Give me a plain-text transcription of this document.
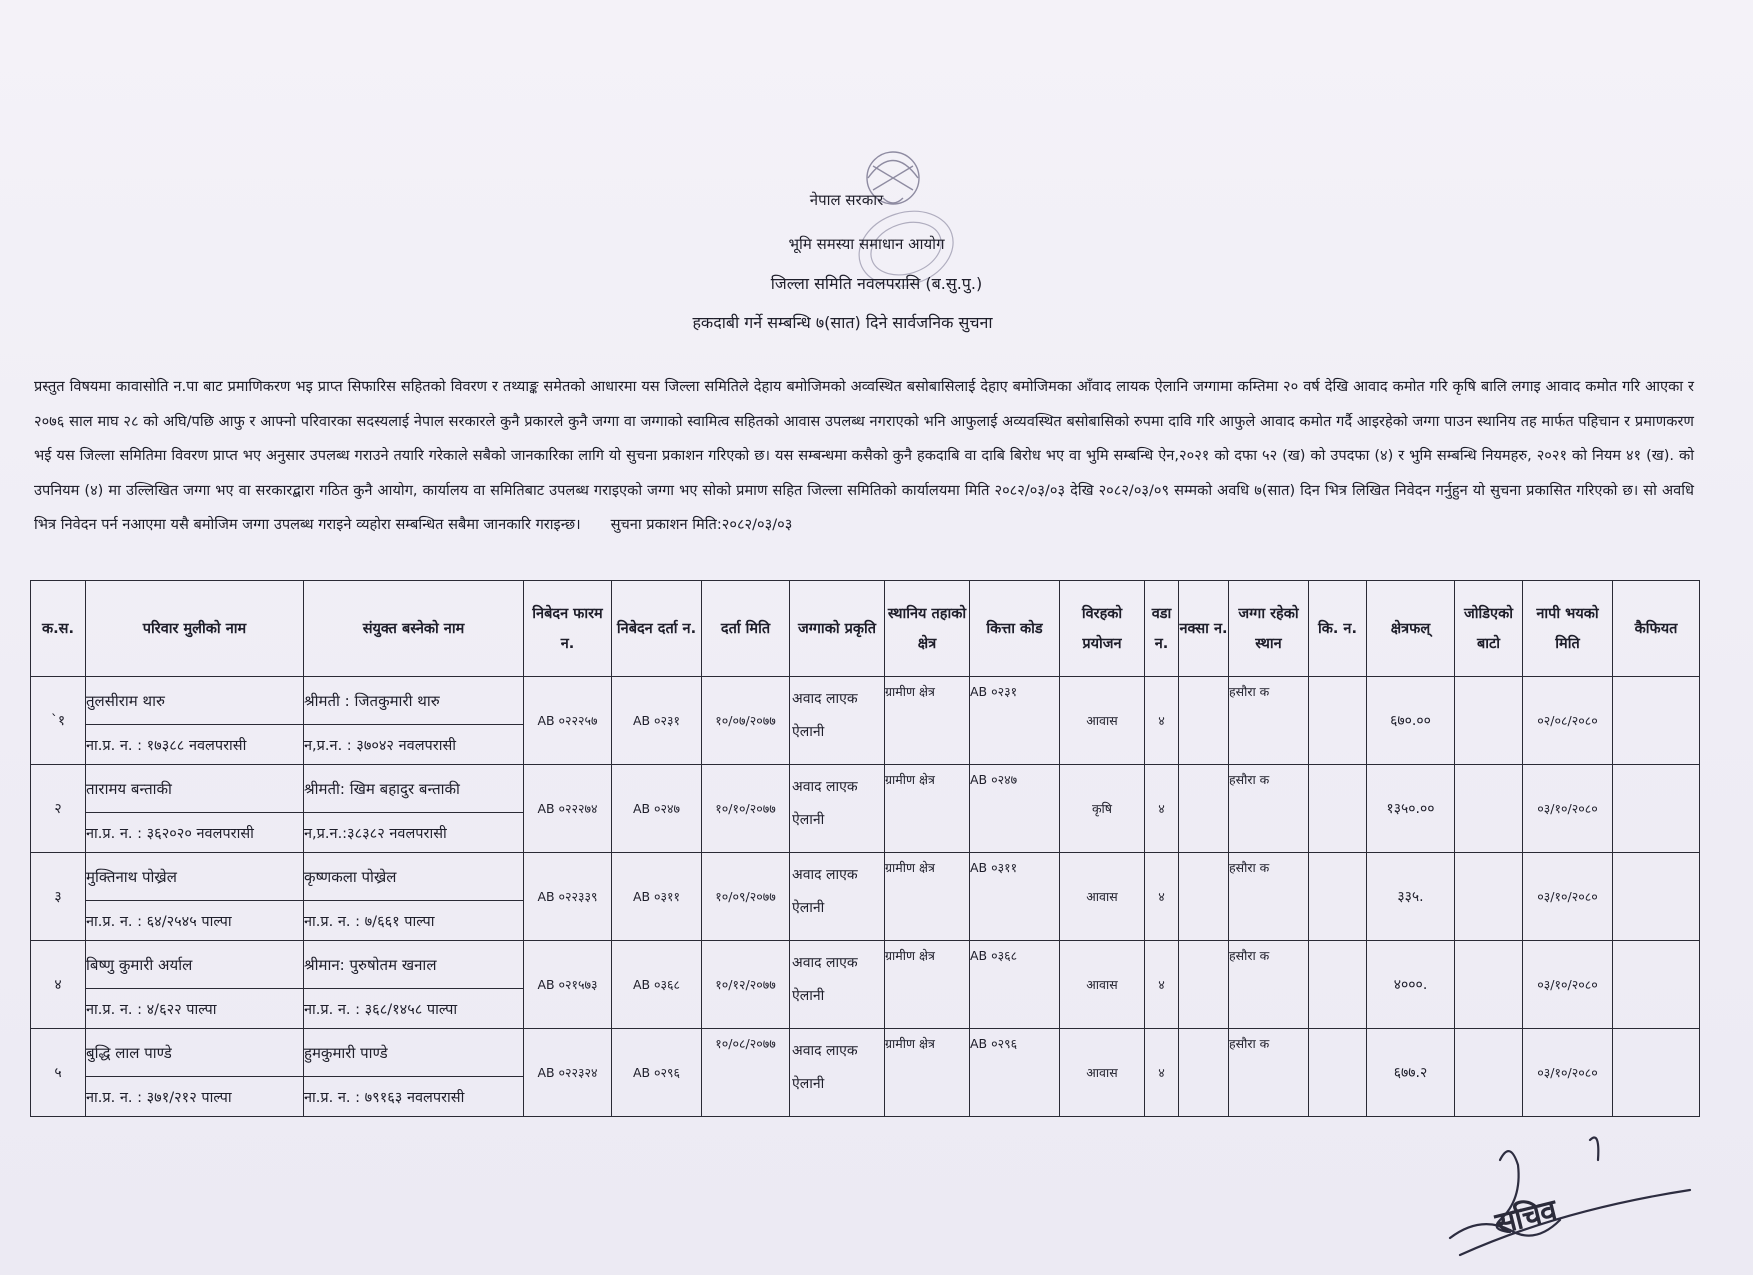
नेपाल सरकार
भूमि समस्या समाधान आयोग
जिल्ला समिति नवलपरासि (ब.सु.पु.)
हकदाबी गर्ने सम्बन्धि ७(सात) दिने सार्वजनिक सुचना
प्रस्तुत विषयमा कावासोति न.पा बाट प्रमाणिकरण भइ प्राप्त सिफारिस सहितको विवरण र तथ्याङ्क समेतको आधारमा यस जिल्ला समितिले देहाय बमोजिमको अव्वस्थित बसोबासिलाई देहाए बमोजिमका आँवाद लायक ऐलानि जग्गामा कम्तिमा २० वर्ष देखि आवाद कमोत गरि कृषि बालि लगाइ आवाद कमोत गरि आएका र २०७६ साल माघ २८ को अघि/पछि आफु र आफ्नो परिवारका सदस्यलाई नेपाल सरकारले कुनै प्रकारले कुनै जग्गा वा जग्गाको स्वामित्व सहितको आवास उपलब्ध नगराएको भनि आफुलाई अव्यवस्थित बसोबासिको रुपमा दावि गरि आफुले आवाद कमोत गर्दै आइरहेको जग्गा पाउन स्थानिय तह मार्फत पहिचान र प्रमाणकरण भई यस जिल्ला समितिमा विवरण प्राप्त भए अनुसार उपलब्ध गराउने तयारि गरेकाले सबैको जानकारिका लागि यो सुचना प्रकाशन गरिएको छ। यस सम्बन्धमा कसैको कुनै हकदाबि वा दाबि बिरोध भए वा भुमि सम्बन्धि ऐन,२०२१ को दफा ५२ (ख) को उपदफा (४) र भुमि सम्बन्धि नियमहरु, २०२१ को नियम ४१ (ख). को उपनियम (४) मा उल्लिखित जग्गा भए वा सरकारद्बारा गठित कुनै आयोग, कार्यालय वा समितिबाट उपलब्ध गराइएको जग्गा भए सोको प्रमाण सहित जिल्ला समितिको कार्यालयमा मिति २०८२/०३/०३ देखि २०८२/०३/०९ सम्मको अवधि ७(सात) दिन भित्र लिखित निवेदन गर्नुहुन यो सुचना प्रकासित गरिएको छ। सो अवधि भित्र निवेदन पर्न नआएमा यसै बमोजिम जग्गा उपलब्ध गराइने व्यहोरा सम्बन्धित सबैमा जानकारि गराइन्छ। सुचना प्रकाशन मिति:२०८२/०३/०३
क.स.	परिवार मुलीको नाम	संयुक्त बस्नेको नाम	निबेदन फारम न.	निबेदन दर्ता न.	दर्ता मिति	जग्गाको प्रकृति	स्थानिय तहाको क्षेत्र	कित्ता कोड	विरहको प्रयोजन	वडा न.	नक्सा न.	जग्गा रहेको स्थान	कि. न.	क्षेत्रफल्	जोडिएको बाटो	नापी भयको मिति	कैफियत
`१	तुलसीराम थारु	श्रीमती : जितकुमारी थारु	AB ०२२२५७	AB ०२३१	१०/०७/२०७७	अवाद लाएक ऐलानी	ग्रामीण क्षेत्र	AB ०२३१	आवास	४		हसौरा क		६७०.००		०२/०८/२०८०	
	ना.प्र. न. : १७३८८ नवलपरासी	न,प्र.न. : ३७०४२ नवलपरासी															
२	तारामय बन्ताकी	श्रीमती: खिम बहादुर बन्ताकी	AB ०२२२७४	AB ०२४७	१०/१०/२०७७	अवाद लाएक ऐलानी	ग्रामीण क्षेत्र	AB ०२४७	कृषि	४		हसौरा क		१३५०.००		०३/१०/२०८०	
	ना.प्र. न. : ३६२०२० नवलपरासी	न,प्र.न.:३८३८२ नवलपरासी															
३	मुक्तिनाथ पोख्रेल	कृष्णकला पोख्रेल	AB ०२२३३९	AB ०३११	१०/०९/२०७७	अवाद लाएक ऐलानी	ग्रामीण क्षेत्र	AB ०३११	आवास	४		हसौरा क		३३५.		०३/१०/२०८०	
	ना.प्र. न. : ६४/२५४५ पाल्पा	ना.प्र. न. : ७/६६१ पाल्पा															
४	बिष्णु कुमारी अर्याल	श्रीमान: पुरुषोतम खनाल	AB ०२१५७३	AB ०३६८	१०/१२/२०७७	अवाद लाएक ऐलानी	ग्रामीण क्षेत्र	AB ०३६८	आवास	४		हसौरा क		४०००.		०३/१०/२०८०	
	ना.प्र. न. : ४/६२२ पाल्पा	ना.प्र. न. : ३६८/१४५८ पाल्पा															
५	बुद्धि लाल पाण्डे	हुमकुमारी पाण्डे	AB ०२२३२४	AB ०२९६	१०/०८/२०७७	अवाद लाएक ऐलानी	ग्रामीण क्षेत्र	AB ०२९६	आवास	४		हसौरा क		६७७.२		०३/१०/२०८०	
	ना.प्र. न. : ३७१/२१२ पाल्पा	ना.प्र. न. : ७९१६३ नवलपरासी															
सचिव
